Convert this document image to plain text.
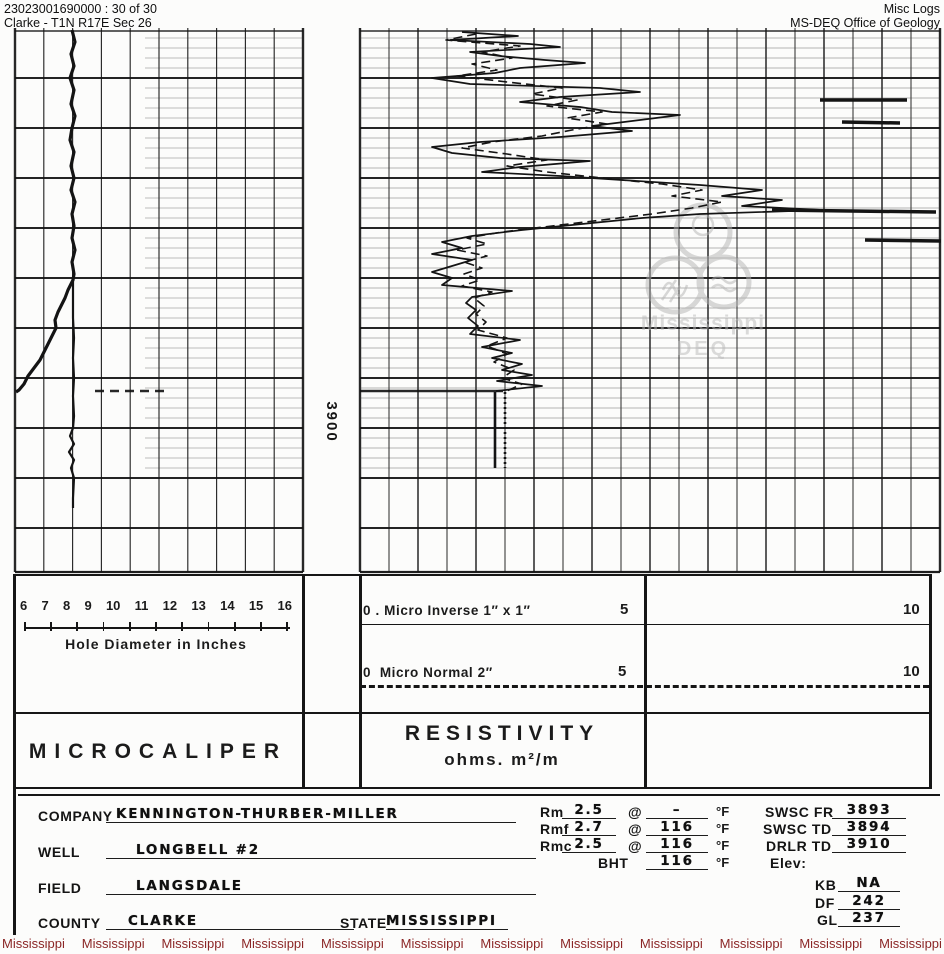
23023001690000 : 30 of 30
Clarke - T1N R17E Sec 26
Misc Logs
MS-DEQ Office of Geology
Mississippi
DEQ
3900
6 7 8 9 10 11 12 13 14 15 16
Hole Diameter in Inches
0 . Micro Inverse 1″ x 1″	5	10
0 Micro Normal 2″	5	10
MICROCALIPER
RESISTIVITY
ohms. m²/m
COMPANY KENNINGTON-THURBER-MILLER
WELL	LONGBELL #2
FIELD	LANGSDALE
COUNTY	CLARKE	STATE MISSISSIPPI
Rm 2.5	@	–	°F
Rmf 2.7	@	116	°F
Rmc 2.5	@	116	°F
BHT	116	°F
SWSC FR 3893
SWSC TD	3894
DRLR TD	3910
Elev:
KB	NA
DF	242
GL	237
Mississippi Mississippi Mississippi Mississippi Mississippi Mississippi Mississippi Mississippi Mississippi Mississippi Mississippi Mississippi
